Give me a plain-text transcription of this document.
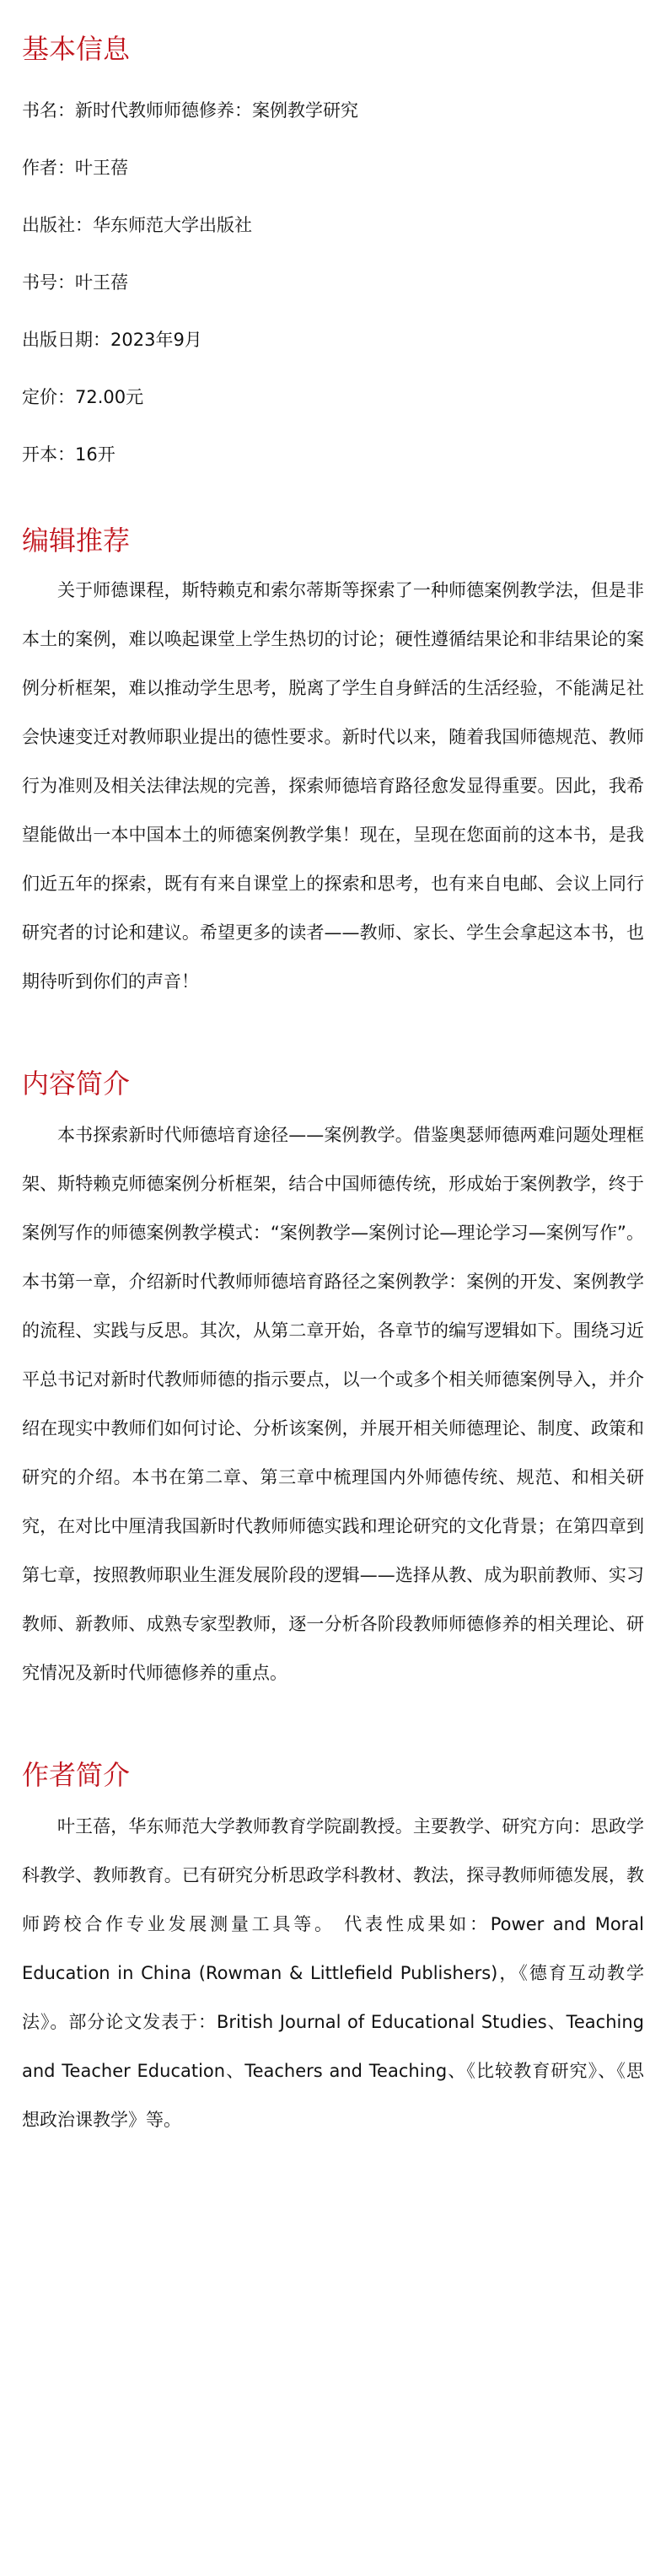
基本信息
书名：新时代教师师德修养：案例教学研究
作者：叶王蓓
出版社：华东师范大学出版社
书号：叶王蓓
出版日期：2023年9月
定价：72.00元
开本：16开
编辑推荐

关于师德课程，斯特赖克和索尔蒂斯等探索了一种师德案例教学法，但是非本土的案例，难以唤起课堂上学生热切的讨论；硬性遵循结果论和非结果论的案例分析框架，难以推动学生思考，脱离了学生自身鲜活的生活经验，不能满足社会快速变迁对教师职业提出的德性要求。新时代以来，随着我国师德规范、教师行为准则及相关法律法规的完善，探索师德培育路径愈发显得重要。因此，我希望能做出一本中国本土的师德案例教学集！现在，呈现在您面前的这本书，是我们近五年的探索，既有有来自课堂上的探索和思考，也有来自电邮、会议上同行研究者的讨论和建议。希望更多的读者——教师、家长、学生会拿起这本书，也期待听到你们的声音！

内容简介

本书探索新时代师德培育途径——案例教学。借鉴奥瑟师德两难问题处理框架、斯特赖克师德案例分析框架，结合中国师德传统，形成始于案例教学，终于案例写作的师德案例教学模式：“案例教学—案例讨论—理论学习—案例写作”。本书第一章，介绍新时代教师师德培育路径之案例教学：案例的开发、案例教学的流程、实践与反思。其次，从第二章开始，各章节的编写逻辑如下。围绕习近平总书记对新时代教师师德的指示要点，以一个或多个相关师德案例导入，并介绍在现实中教师们如何讨论、分析该案例，并展开相关师德理论、制度、政策和研究的介绍。本书在第二章、第三章中梳理国内外师德传统、规范、和相关研究，在对比中厘清我国新时代教师师德实践和理论研究的文化背景；在第四章到第七章，按照教师职业生涯发展阶段的逻辑——选择从教、成为职前教师、实习教师、新教师、成熟专家型教师，逐一分析各阶段教师师德修养的相关理论、研究情况及新时代师德修养的重点。

作者简介

叶王蓓，华东师范大学教师教育学院副教授。主要教学、研究方向：思政学科教学、教师教育。已有研究分析思政学科教材、教法，探寻教师师德发展，教师跨校合作专业发展测量工具等。 代表性成果如：Power and Moral Education in China (Rowman & Littlefield Publishers)，《德育互动教学法》。部分论文发表于：British Journal of Educational Studies、Teaching and Teacher Education、Teachers and Teaching、《比较教育研究》、《思想政治课教学》等。
